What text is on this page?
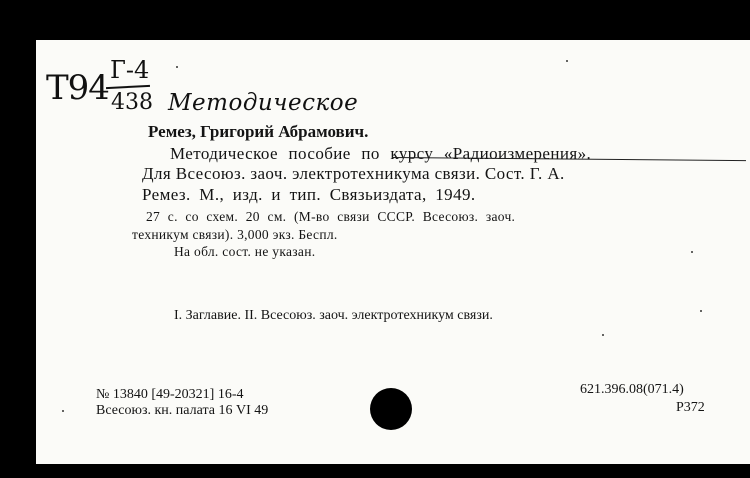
Т94 Г-4
438 Методическое
Ремез, Григорий Абрамович.
Методическое пособие по курсу «Радиоизмерения».
Для Всесоюз. заоч. электротехникума связи. Сост. Г. А.
Ремез. М., изд. и тип. Связьиздата, 1949.
27 с. со схем. 20 см. (М-во связи СССР. Всесоюз. заоч.
техникум связи). 3,000 экз. Беспл.
На обл. сост. не указан.
I. Заглавие. II. Всесоюз. заоч. электротехникум связи.
№ 13840 [49-20321] 16-4
Всесоюз. кн. палата 16 VI 49
621.396.08(071.4)
Р372
